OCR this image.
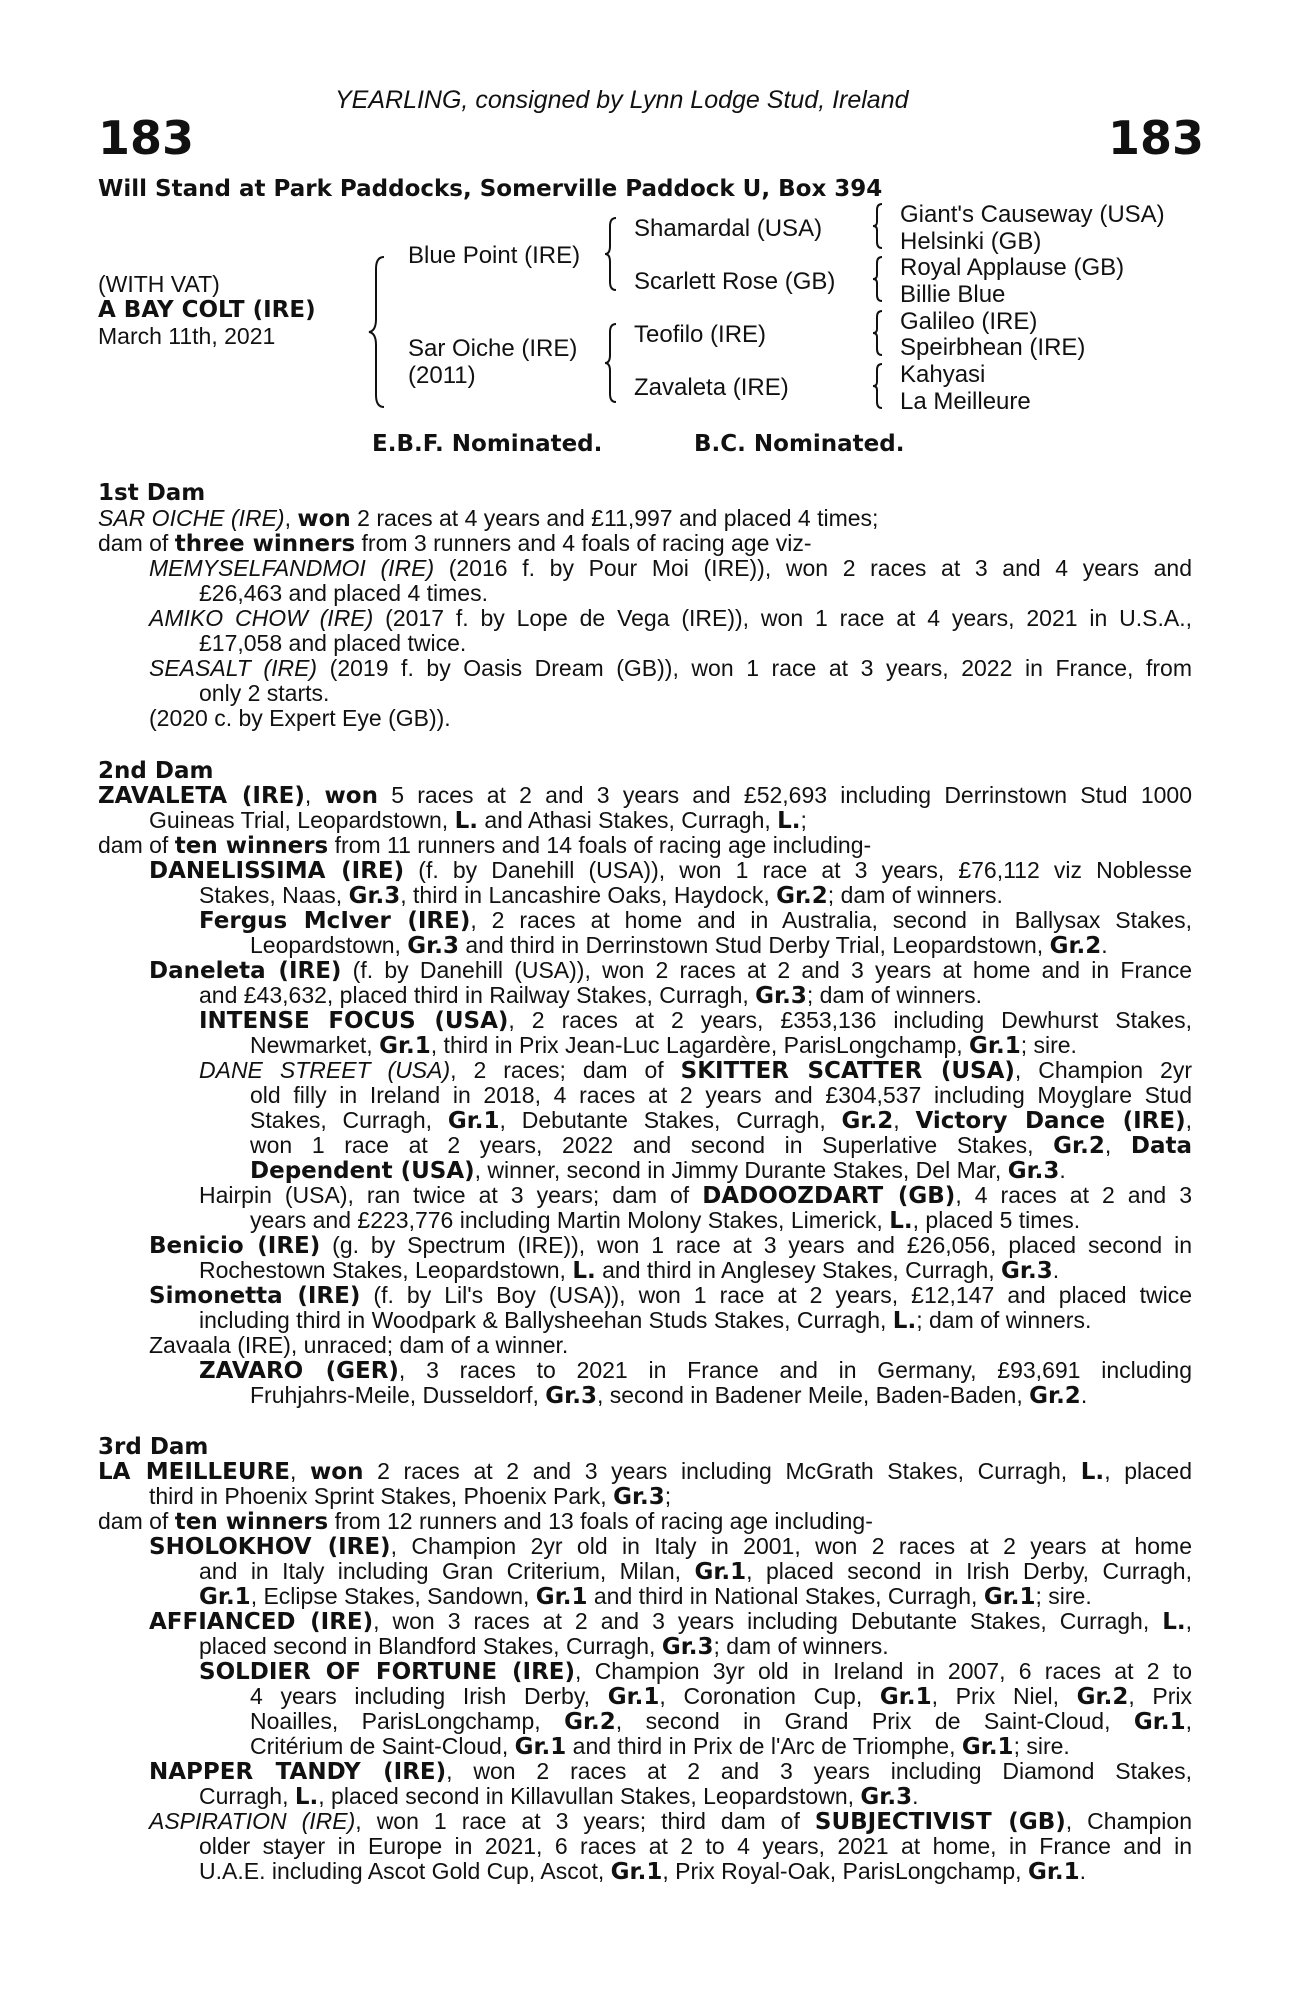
YEARLING, consigned by Lynn Lodge Stud, Ireland
183	183
Will Stand at Park Paddocks, Somerville Paddock U, Box 394
(WITH VAT)
A BAY COLT (IRE)
March 11th, 2021
Blue Point (IRE)
Sar Oiche (IRE)
(2011)
Shamardal (USA)
Scarlett Rose (GB)
Teofilo (IRE)
Zavaleta (IRE)
Giant's Causeway (USA)
Helsinki (GB)
Royal Applause (GB)
Billie Blue
Galileo (IRE)
Speirbhean (IRE)
Kahyasi
La Meilleure
E.B.F. Nominated.	B.C. Nominated.
1st Dam
SAR OICHE (IRE), won 2 races at 4 years and £11,997 and placed 4 times;
dam of three winners from 3 runners and 4 foals of racing age viz-
MEMYSELFANDMOI (IRE) (2016 f. by Pour Moi (IRE)), won 2 races at 3 and 4 years and
£26,463 and placed 4 times.
AMIKO CHOW (IRE) (2017 f. by Lope de Vega (IRE)), won 1 race at 4 years, 2021 in U.S.A.,
£17,058 and placed twice.
SEASALT (IRE) (2019 f. by Oasis Dream (GB)), won 1 race at 3 years, 2022 in France, from
only 2 starts.
(2020 c. by Expert Eye (GB)).
2nd Dam
ZAVALETA (IRE), won 5 races at 2 and 3 years and £52,693 including Derrinstown Stud 1000
Guineas Trial, Leopardstown, L. and Athasi Stakes, Curragh, L.;
dam of ten winners from 11 runners and 14 foals of racing age including-
DANELISSIMA (IRE) (f. by Danehill (USA)), won 1 race at 3 years, £76,112 viz Noblesse
Stakes, Naas, Gr.3, third in Lancashire Oaks, Haydock, Gr.2; dam of winners.
Fergus McIver (IRE), 2 races at home and in Australia, second in Ballysax Stakes,
Leopardstown, Gr.3 and third in Derrinstown Stud Derby Trial, Leopardstown, Gr.2.
Daneleta (IRE) (f. by Danehill (USA)), won 2 races at 2 and 3 years at home and in France
and £43,632, placed third in Railway Stakes, Curragh, Gr.3; dam of winners.
INTENSE FOCUS (USA), 2 races at 2 years, £353,136 including Dewhurst Stakes,
Newmarket, Gr.1, third in Prix Jean-Luc Lagardère, ParisLongchamp, Gr.1; sire.
DANE STREET (USA), 2 races; dam of SKITTER SCATTER (USA), Champion 2yr
old filly in Ireland in 2018, 4 races at 2 years and £304,537 including Moyglare Stud
Stakes, Curragh, Gr.1, Debutante Stakes, Curragh, Gr.2, Victory Dance (IRE),
won 1 race at 2 years, 2022 and second in Superlative Stakes, Gr.2, Data
Dependent (USA), winner, second in Jimmy Durante Stakes, Del Mar, Gr.3.
Hairpin (USA), ran twice at 3 years; dam of DADOOZDART (GB), 4 races at 2 and 3
years and £223,776 including Martin Molony Stakes, Limerick, L., placed 5 times.
Benicio (IRE) (g. by Spectrum (IRE)), won 1 race at 3 years and £26,056, placed second in
Rochestown Stakes, Leopardstown, L. and third in Anglesey Stakes, Curragh, Gr.3.
Simonetta (IRE) (f. by Lil's Boy (USA)), won 1 race at 2 years, £12,147 and placed twice
including third in Woodpark & Ballysheehan Studs Stakes, Curragh, L.; dam of winners.
Zavaala (IRE), unraced; dam of a winner.
ZAVARO (GER), 3 races to 2021 in France and in Germany, £93,691 including
Fruhjahrs-Meile, Dusseldorf, Gr.3, second in Badener Meile, Baden-Baden, Gr.2.
3rd Dam
LA MEILLEURE, won 2 races at 2 and 3 years including McGrath Stakes, Curragh, L., placed
third in Phoenix Sprint Stakes, Phoenix Park, Gr.3;
dam of ten winners from 12 runners and 13 foals of racing age including-
SHOLOKHOV (IRE), Champion 2yr old in Italy in 2001, won 2 races at 2 years at home
and in Italy including Gran Criterium, Milan, Gr.1, placed second in Irish Derby, Curragh,
Gr.1, Eclipse Stakes, Sandown, Gr.1 and third in National Stakes, Curragh, Gr.1; sire.
AFFIANCED (IRE), won 3 races at 2 and 3 years including Debutante Stakes, Curragh, L.,
placed second in Blandford Stakes, Curragh, Gr.3; dam of winners.
SOLDIER OF FORTUNE (IRE), Champion 3yr old in Ireland in 2007, 6 races at 2 to
4 years including Irish Derby, Gr.1, Coronation Cup, Gr.1, Prix Niel, Gr.2, Prix
Noailles, ParisLongchamp, Gr.2, second in Grand Prix de Saint-Cloud, Gr.1,
Critérium de Saint-Cloud, Gr.1 and third in Prix de l'Arc de Triomphe, Gr.1; sire.
NAPPER TANDY (IRE), won 2 races at 2 and 3 years including Diamond Stakes,
Curragh, L., placed second in Killavullan Stakes, Leopardstown, Gr.3.
ASPIRATION (IRE), won 1 race at 3 years; third dam of SUBJECTIVIST (GB), Champion
older stayer in Europe in 2021, 6 races at 2 to 4 years, 2021 at home, in France and in
U.A.E. including Ascot Gold Cup, Ascot, Gr.1, Prix Royal-Oak, ParisLongchamp, Gr.1.
